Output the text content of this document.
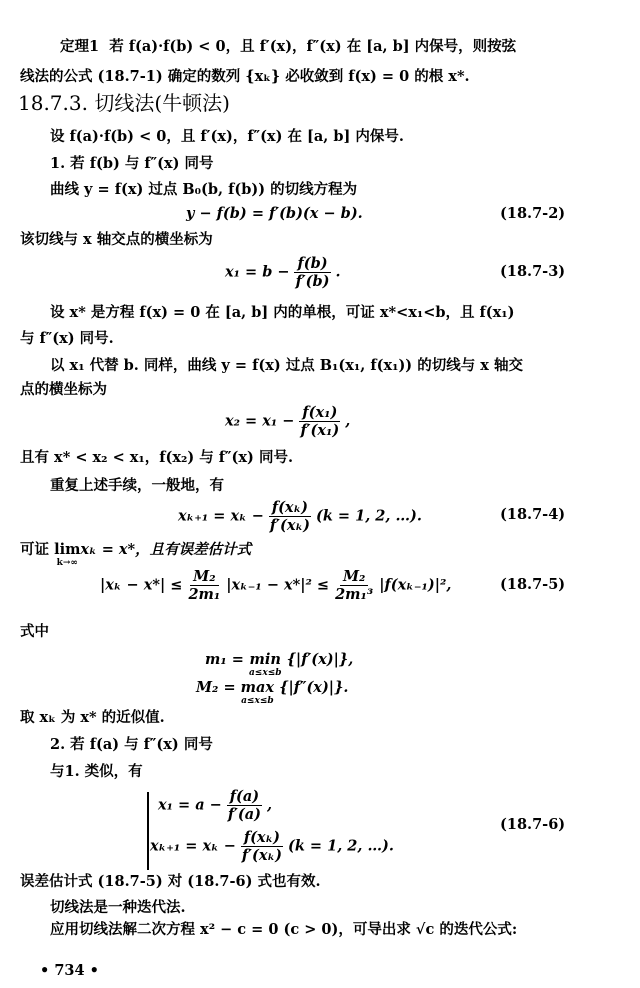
定理1 若 f(a)·f(b) < 0，且 f′(x)，f″(x) 在 [a, b] 内保号，则按弦
线法的公式 (18.7-1) 确定的数列 {xₖ} 必收敛到 f(x) = 0 的根 x*.
18.7.3. 切线法(牛顿法)
设 f(a)·f(b) < 0，且 f′(x)，f″(x) 在 [a, b] 内保号.
1. 若 f(b) 与 f″(x) 同号
曲线 y = f(x) 过点 B₀(b, f(b)) 的切线方程为
y − f(b) = f′(b)(x − b).	(18.7-2)
该切线与 x 轴交点的横坐标为
$x_1 = b - \frac{f(b)}{f'(b)}$ .	(18.7-3)
设 x* 是方程 f(x) = 0 在 [a, b] 内的单根，可证 x*<x₁<b，且 f(x₁)
与 f″(x) 同号.
以 x₁ 代替 b. 同样，曲线 y = f(x) 过点 B₁(x₁, f(x₁)) 的切线与 x 轴交
点的横坐标为
$x_2 = x_1 - \frac{\text{f(x₁)}}{\text{f′(x₁)}}$ ,
且有 x* < x₂ < x₁，f(x₂) 与 f″(x) 同号.
重复上述手续，一般地，有
$x_{k+1} = x_k - \frac{\text{f(xₖ)}}{\text{f′(xₖ)}} (k = 1$, 2, …).	(18.7-4)
可证 lim
k→∞
xₖ = x*，且有误差估计式
$|x_k - x*| \le \frac{\text{M₂}}{\text{2m₁}} |x_{k-1} - x*|^2 \le \frac{\text{M₂}}{\text{2m₁³}} |f(x_{k-1})|^2$,	(18.7-5)
式中
m₁ = min
a≤x≤b
{|f′(x)|},
M₂ = max
a≤x≤b
{|f″(x)|}.
取 xₖ 为 x* 的近似值.
2. 若 f(a) 与 f″(x) 同号
与1. 类似，有
$x_1 = a - \frac{f(a)}{f'(a)}$ ,
$x_{k+1} = x_k - \frac{\text{f(xₖ)}}{\text{f′(xₖ)}} (k = 1$, 2, …).
(18.7-6)
误差估计式 (18.7-5) 对 (18.7-6) 式也有效.
切线法是一种迭代法.
应用切线法解二次方程 x² − c = 0 (c > 0)，可导出求 √c 的迭代公式:
• 734 •
